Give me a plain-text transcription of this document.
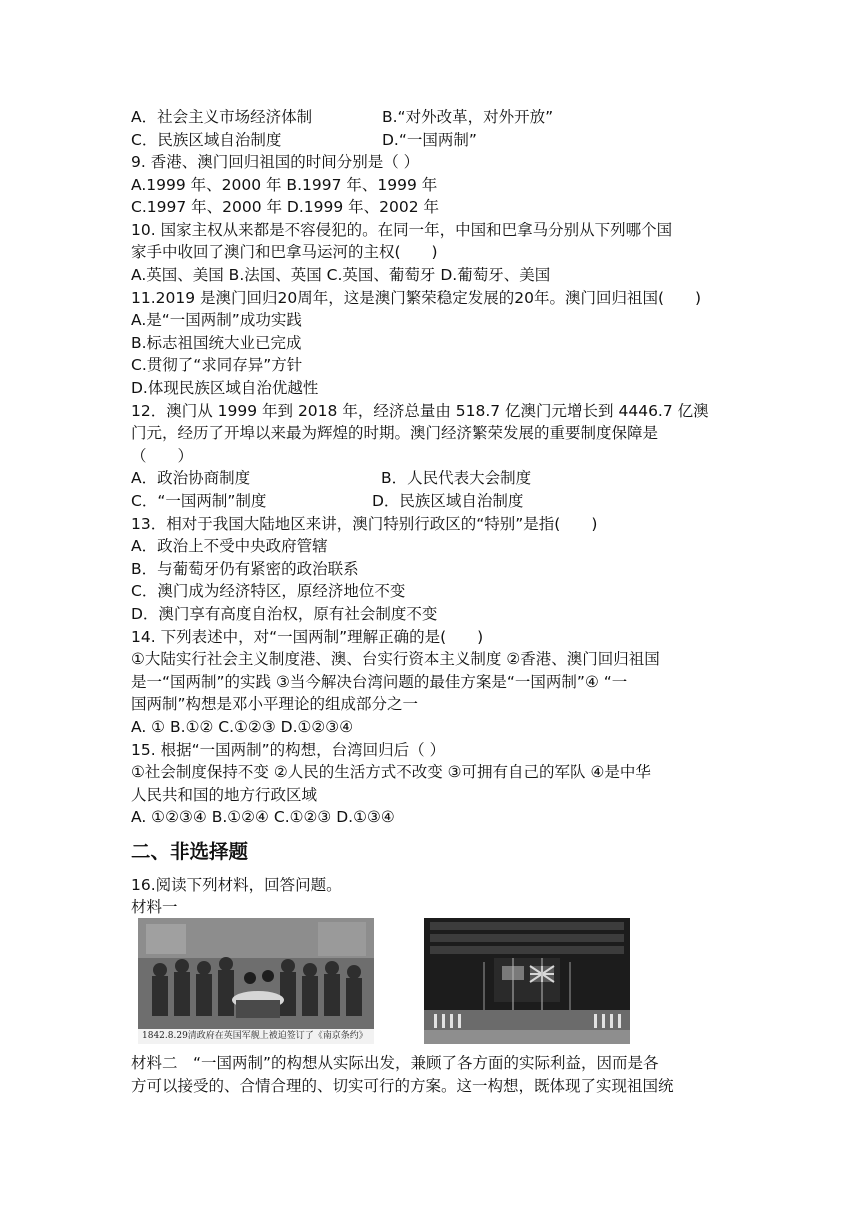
A．社会主义市场经济体制
C．民族区域自治制度
9. 香港、澳门回归祖国的时间分别是（ ）
A.1999 年、2000 年 B.1997 年、1999 年
C.1997 年、2000 年 D.1999 年、2002 年
10. 国家主权从来都是不容侵犯的。在同一年，中国和巴拿马分别从下列哪个国
家手中收回了澳门和巴拿马运河的主权(　　)
A.英国、美国 B.法国、英国 C.英国、葡萄牙 D.葡萄牙、美国
11.2019 是澳门回归20周年，这是澳门繁荣稳定发展的20年。澳门回归祖国(　　)
A.是“一国两制”成功实践
B.标志祖国统大业已完成
C.贯彻了“求同存异”方针
D.体现民族区域自治优越性
12．澳门从 1999 年到 2018 年，经济总量由 518.7 亿澳门元增长到 4446.7 亿澳
门元，经历了开埠以来最为辉煌的时期。澳门经济繁荣发展的重要制度保障是
（　　）
A．政治协商制度
C．“一国两制”制度
13．相对于我国大陆地区来讲，澳门特别行政区的“特别”是指(　　)
A．政治上不受中央政府管辖
B．与葡萄牙仍有紧密的政治联系
C．澳门成为经济特区，原经济地位不变
D．澳门享有高度自治权，原有社会制度不变
14. 下列表述中，对“一国两制”理解正确的是(　　)
①大陆实行社会主义制度港、澳、台实行资本主义制度 ②香港、澳门回归祖国
是一“国两制”的实践 ③当今解决台湾问题的最佳方案是“一国两制”④ “一
国两制”构想是邓小平理论的组成部分之一
A. ① B.①② C.①②③ D.①②③④
15. 根据“一国两制”的构想，台湾回归后（ ）
①社会制度保持不变 ②人民的生活方式不改变 ③可拥有自己的军队 ④是中华
人民共和国的地方行政区域
A. ①②③④ B.①②④ C.①②③ D.①③④
16.阅读下列材料，回答问题。
材料一
材料二　“一国两制”的构想从实际出发，兼顾了各方面的实际利益，因而是各
方可以接受的、合情合理的、切实可行的方案。这一构想，既体现了实现祖国统
B.“对外改革，对外开放”
D.“一国两制”
B．人民代表大会制度
D．民族区域自治制度
二、非选择题
1842.8.29清政府在英国军舰上被迫签订了《南京条约》
